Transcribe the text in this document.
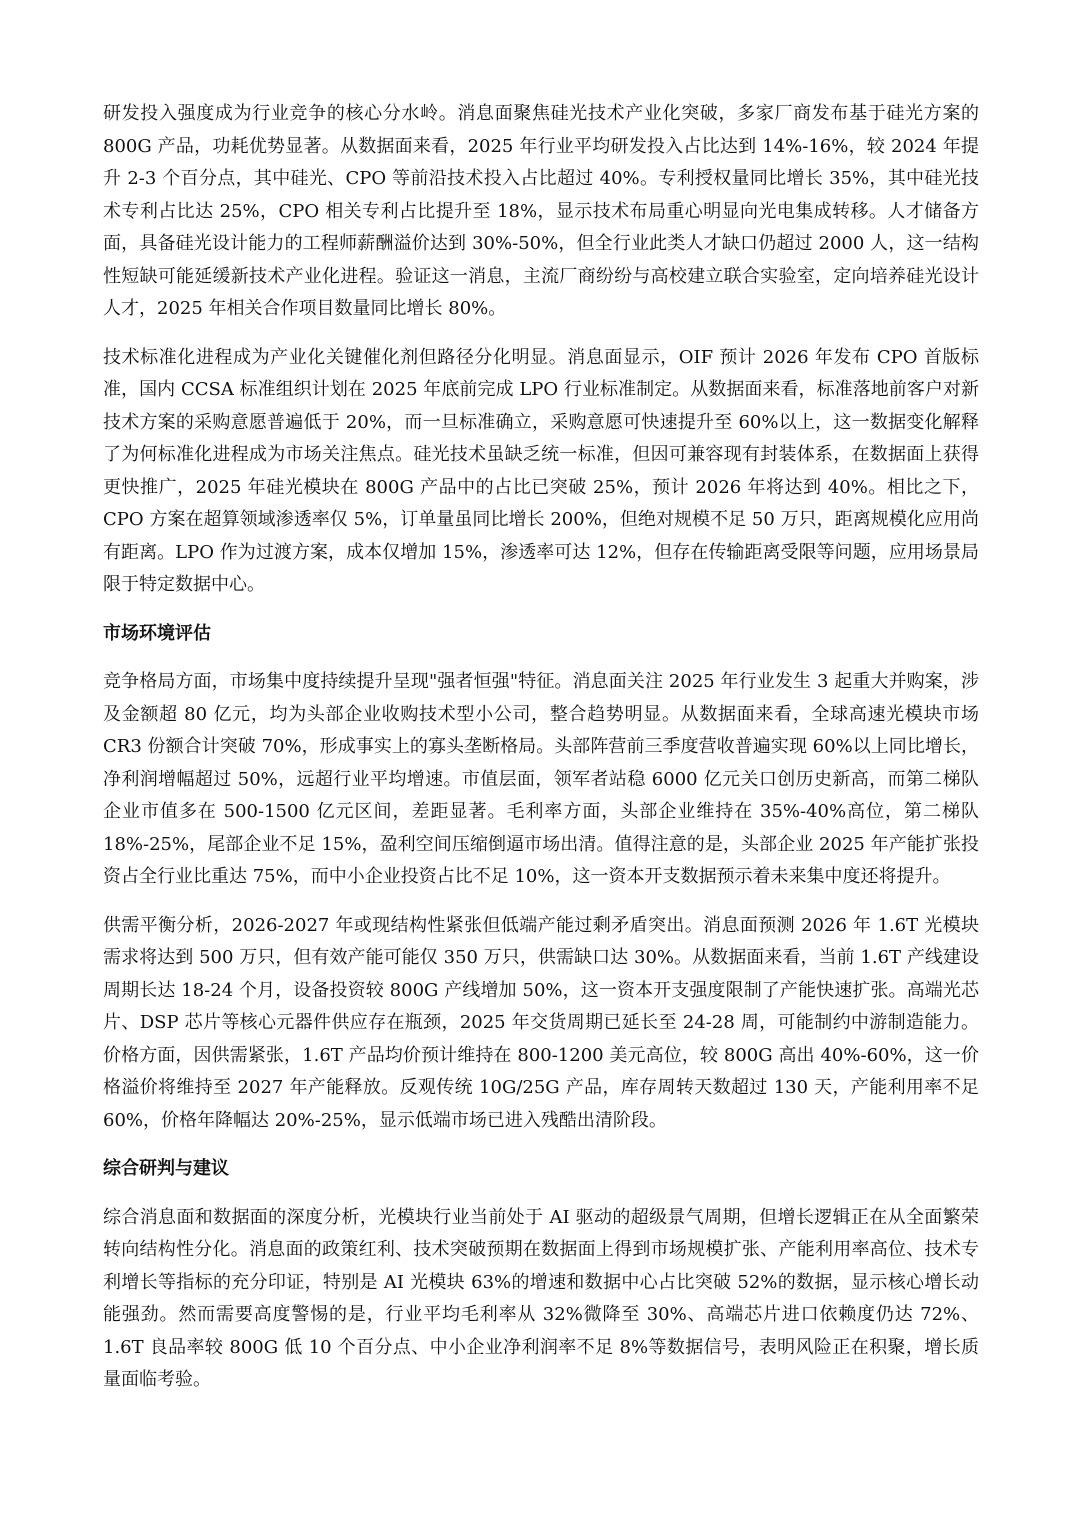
研发投入强度成为行业竞争的核心分水岭。消息面聚焦硅光技术产业化突破，多家厂商发布基于硅光方案的 800G 产品，功耗优势显著。从数据面来看，2025 年行业平均研发投入占比达到 14%-16%，较 2024 年提升 2-3 个百分点，其中硅光、CPO 等前沿技术投入占比超过 40%。专利授权量同比增长 35%，其中硅光技术专利占比达 25%，CPO 相关专利占比提升至 18%，显示技术布局重心明显向光电集成转移。人才储备方面，具备硅光设计能力的工程师薪酬溢价达到 30%-50%，但全行业此类人才缺口仍超过 2000 人，这一结构性短缺可能延缓新技术产业化进程。验证这一消息，主流厂商纷纷与高校建立联合实验室，定向培养硅光设计人才，2025 年相关合作项目数量同比增长 80%。

技术标准化进程成为产业化关键催化剂但路径分化明显。消息面显示，OIF 预计 2026 年发布 CPO 首版标准，国内 CCSA 标准组织计划在 2025 年底前完成 LPO 行业标准制定。从数据面来看，标准落地前客户对新技术方案的采购意愿普遍低于 20%，而一旦标准确立，采购意愿可快速提升至 60%以上，这一数据变化解释了为何标准化进程成为市场关注焦点。硅光技术虽缺乏统一标准，但因可兼容现有封装体系，在数据面上获得更快推广，2025 年硅光模块在 800G 产品中的占比已突破 25%，预计 2026 年将达到 40%。相比之下，CPO 方案在超算领域渗透率仅 5%，订单量虽同比增长 200%，但绝对规模不足 50 万只，距离规模化应用尚有距离。LPO 作为过渡方案，成本仅增加 15%，渗透率可达 12%，但存在传输距离受限等问题，应用场景局限于特定数据中心。

市场环境评估

竞争格局方面，市场集中度持续提升呈现"强者恒强"特征。消息面关注 2025 年行业发生 3 起重大并购案，涉及金额超 80 亿元，均为头部企业收购技术型小公司，整合趋势明显。从数据面来看，全球高速光模块市场 CR3 份额合计突破 70%，形成事实上的寡头垄断格局。头部阵营前三季度营收普遍实现 60%以上同比增长，净利润增幅超过 50%，远超行业平均增速。市值层面，领军者站稳 6000 亿元关口创历史新高，而第二梯队企业市值多在 500-1500 亿元区间，差距显著。毛利率方面，头部企业维持在 35%-40%高位，第二梯队 18%-25%，尾部企业不足 15%，盈利空间压缩倒逼市场出清。值得注意的是，头部企业 2025 年产能扩张投资占全行业比重达 75%，而中小企业投资占比不足 10%，这一资本开支数据预示着未来集中度还将提升。

供需平衡分析，2026-2027 年或现结构性紧张但低端产能过剩矛盾突出。消息面预测 2026 年 1.6T 光模块需求将达到 500 万只，但有效产能可能仅 350 万只，供需缺口达 30%。从数据面来看，当前 1.6T 产线建设周期长达 18-24 个月，设备投资较 800G 产线增加 50%，这一资本开支强度限制了产能快速扩张。高端光芯片、DSP 芯片等核心元器件供应存在瓶颈，2025 年交货周期已延长至 24-28 周，可能制约中游制造能力。价格方面，因供需紧张，1.6T 产品均价预计维持在 800-1200 美元高位，较 800G 高出 40%-60%，这一价格溢价将维持至 2027 年产能释放。反观传统 10G/25G 产品，库存周转天数超过 130 天，产能利用率不足 60%，价格年降幅达 20%-25%，显示低端市场已进入残酷出清阶段。

综合研判与建议

综合消息面和数据面的深度分析，光模块行业当前处于 AI 驱动的超级景气周期，但增长逻辑正在从全面繁荣转向结构性分化。消息面的政策红利、技术突破预期在数据面上得到市场规模扩张、产能利用率高位、技术专利增长等指标的充分印证，特别是 AI 光模块 63%的增速和数据中心占比突破 52%的数据，显示核心增长动能强劲。然而需要高度警惕的是，行业平均毛利率从 32%微降至 30%、高端芯片进口依赖度仍达 72%、1.6T 良品率较 800G 低 10 个百分点、中小企业净利润率不足 8%等数据信号，表明风险正在积聚，增长质量面临考验。
